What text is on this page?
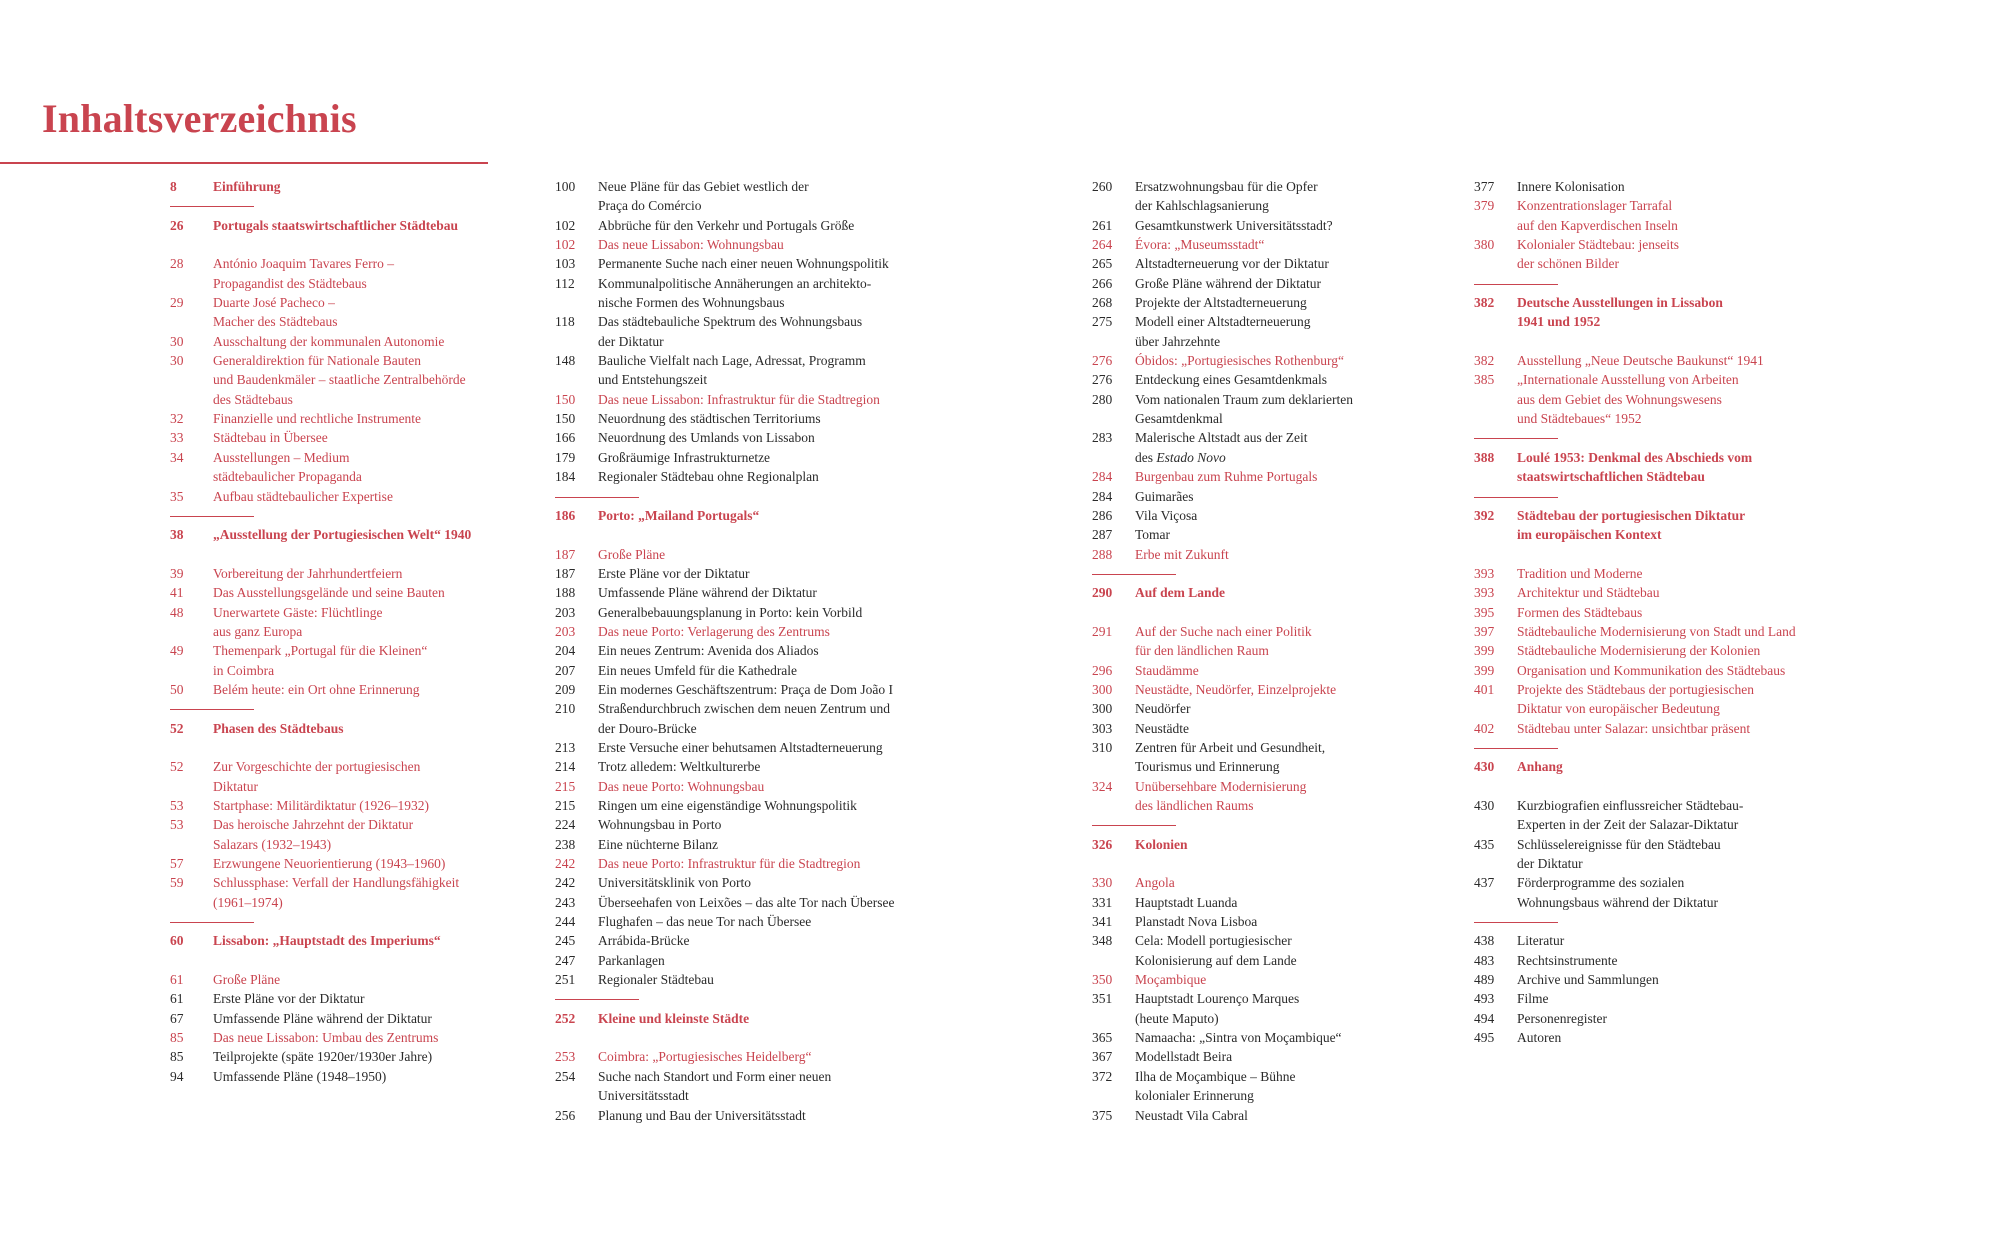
Inhaltsverzeichnis
8	Einführung
26	Portugals staatswirtschaftlicher Städtebau
28	António Joaquim Tavares Ferro –
Propagandist des Städtebaus
29	Duarte José Pacheco –
Macher des Städtebaus
30	Ausschaltung der kommunalen Autonomie
30	Generaldirektion für Nationale Bauten
und Baudenkmäler – staatliche Zentralbehörde
des Städtebaus
32	Finanzielle und rechtliche Instrumente
33	Städtebau in Übersee
34	Ausstellungen – Medium
städtebaulicher Propaganda
35	Aufbau städtebaulicher Expertise
38	„Ausstellung der Portugiesischen Welt“ 1940
39	Vorbereitung der Jahrhundertfeiern
41	Das Ausstellungsgelände und seine Bauten
48	Unerwartete Gäste: Flüchtlinge
aus ganz Europa
49	Themenpark „Portugal für die Kleinen“
in Coimbra
50	Belém heute: ein Ort ohne Erinnerung
52	Phasen des Städtebaus
52	Zur Vorgeschichte der portugiesischen
Diktatur
53	Startphase: Militärdiktatur (1926–1932)
53	Das heroische Jahrzehnt der Diktatur
Salazars (1932–1943)
57	Erzwungene Neuorientierung (1943–1960)
59	Schlussphase: Verfall der Handlungsfähigkeit
(1961–1974)
60	Lissabon: „Hauptstadt des Imperiums“
61	Große Pläne
61	Erste Pläne vor der Diktatur
67	Umfassende Pläne während der Diktatur
85	Das neue Lissabon: Umbau des Zentrums
85	Teilprojekte (späte 1920er/1930er Jahre)
94	Umfassende Pläne (1948–1950)
100	Neue Pläne für das Gebiet westlich der
Praça do Comércio
102	Abbrüche für den Verkehr und Portugals Größe
102	Das neue Lissabon: Wohnungsbau
103	Permanente Suche nach einer neuen Wohnungspolitik
112	Kommunalpolitische Annäherungen an architekto-
nische Formen des Wohnungsbaus
118	Das städtebauliche Spektrum des Wohnungsbaus
der Diktatur
148	Bauliche Vielfalt nach Lage, Adressat, Programm
und Entstehungszeit
150	Das neue Lissabon: Infrastruktur für die Stadtregion
150	Neuordnung des städtischen Territoriums
166	Neuordnung des Umlands von Lissabon
179	Großräumige Infrastrukturnetze
184	Regionaler Städtebau ohne Regionalplan
186	Porto: „Mailand Portugals“
187	Große Pläne
187	Erste Pläne vor der Diktatur
188	Umfassende Pläne während der Diktatur
203	Generalbebauungsplanung in Porto: kein Vorbild
203	Das neue Porto: Verlagerung des Zentrums
204	Ein neues Zentrum: Avenida dos Aliados
207	Ein neues Umfeld für die Kathedrale
209	Ein modernes Geschäftszentrum: Praça de Dom João I
210	Straßendurchbruch zwischen dem neuen Zentrum und
der Douro-Brücke
213	Erste Versuche einer behutsamen Altstadterneuerung
214	Trotz alledem: Weltkulturerbe
215	Das neue Porto: Wohnungsbau
215	Ringen um eine eigenständige Wohnungspolitik
224	Wohnungsbau in Porto
238	Eine nüchterne Bilanz
242	Das neue Porto: Infrastruktur für die Stadtregion
242	Universitätsklinik von Porto
243	Überseehafen von Leixões – das alte Tor nach Übersee
244	Flughafen – das neue Tor nach Übersee
245	Arrábida-Brücke
247	Parkanlagen
251	Regionaler Städtebau
252	Kleine und kleinste Städte
253	Coimbra: „Portugiesisches Heidelberg“
254	Suche nach Standort und Form einer neuen
Universitätsstadt
256	Planung und Bau der Universitätsstadt
260	Ersatzwohnungsbau für die Opfer
der Kahlschlagsanierung
261	Gesamtkunstwerk Universitätsstadt?
264	Évora: „Museumsstadt“
265	Altstadterneuerung vor der Diktatur
266	Große Pläne während der Diktatur
268	Projekte der Altstadterneuerung
275	Modell einer Altstadterneuerung
über Jahrzehnte
276	Óbidos: „Portugiesisches Rothenburg“
276	Entdeckung eines Gesamtdenkmals
280	Vom nationalen Traum zum deklarierten
Gesamtdenkmal
283	Malerische Altstadt aus der Zeit
des Estado Novo
284	Burgenbau zum Ruhme Portugals
284	Guimarães
286	Vila Viçosa
287	Tomar
288	Erbe mit Zukunft
290	Auf dem Lande
291	Auf der Suche nach einer Politik
für den ländlichen Raum
296	Staudämme
300	Neustädte, Neudörfer, Einzelprojekte
300	Neudörfer
303	Neustädte
310	Zentren für Arbeit und Gesundheit,
Tourismus und Erinnerung
324	Unübersehbare Modernisierung
des ländlichen Raums
326	Kolonien
330	Angola
331	Hauptstadt Luanda
341	Planstadt Nova Lisboa
348	Cela: Modell portugiesischer
Kolonisierung auf dem Lande
350	Moçambique
351	Hauptstadt Lourenço Marques
(heute Maputo)
365	Namaacha: „Sintra von Moçambique“
367	Modellstadt Beira
372	Ilha de Moçambique – Bühne
kolonialer Erinnerung
375	Neustadt Vila Cabral
377	Innere Kolonisation
379	Konzentrationslager Tarrafal
auf den Kapverdischen Inseln
380	Kolonialer Städtebau: jenseits
der schönen Bilder
382	Deutsche Ausstellungen in Lissabon
1941 und 1952
382	Ausstellung „Neue Deutsche Baukunst“ 1941
385	„Internationale Ausstellung von Arbeiten
aus dem Gebiet des Wohnungswesens
und Städtebaues“ 1952
388	Loulé 1953: Denkmal des Abschieds vom
staatswirtschaftlichen Städtebau
392	Städtebau der portugiesischen Diktatur
im europäischen Kontext
393	Tradition und Moderne
393	Architektur und Städtebau
395	Formen des Städtebaus
397	Städtebauliche Modernisierung von Stadt und Land
399	Städtebauliche Modernisierung der Kolonien
399	Organisation und Kommunikation des Städtebaus
401	Projekte des Städtebaus der portugiesischen
Diktatur von europäischer Bedeutung
402	Städtebau unter Salazar: unsichtbar präsent
430	Anhang
430	Kurzbiografien einflussreicher Städtebau-
Experten in der Zeit der Salazar-Diktatur
435	Schlüsselereignisse für den Städtebau
der Diktatur
437	Förderprogramme des sozialen
Wohnungsbaus während der Diktatur
438	Literatur
483	Rechtsinstrumente
489	Archive und Sammlungen
493	Filme
494	Personenregister
495	Autoren
